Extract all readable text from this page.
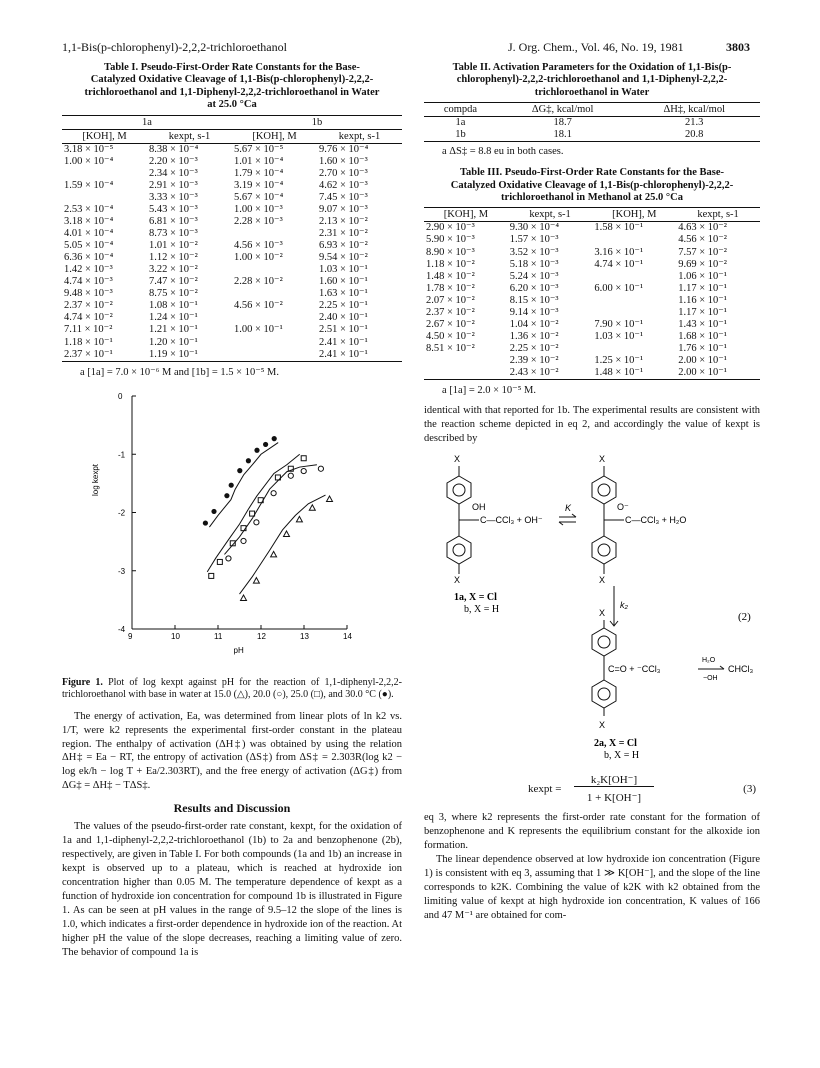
1,1-Bis(p-chlorophenyl)-2,2,2-trichloroethanol	J. Org. Chem., Vol. 46, No. 19, 1981	3803
Table I. Pseudo-First-Order Rate Constants for the Base-Catalyzed Oxidative Cleavage of 1,1-Bis(p-chlorophenyl)-2,2,2-trichloroethanol and 1,1-Diphenyl-2,2,2-trichloroethanol in Water at 25.0 °Ca
1a		1b	
[KOH], M	kexpt, s-1	[KOH], M	kexpt, s-1
3.18 × 10⁻⁵	8.38 × 10⁻⁴	5.67 × 10⁻⁵	9.76 × 10⁻⁴
1.00 × 10⁻⁴	2.20 × 10⁻³	1.01 × 10⁻⁴	1.60 × 10⁻³
	2.34 × 10⁻³	1.79 × 10⁻⁴	2.70 × 10⁻³
1.59 × 10⁻⁴	2.91 × 10⁻³	3.19 × 10⁻⁴	4.62 × 10⁻³
	3.33 × 10⁻³	5.67 × 10⁻⁴	7.45 × 10⁻³
2.53 × 10⁻⁴	5.43 × 10⁻³	1.00 × 10⁻³	9.07 × 10⁻³
3.18 × 10⁻⁴	6.81 × 10⁻³	2.28 × 10⁻³	2.13 × 10⁻²
4.01 × 10⁻⁴	8.73 × 10⁻³		2.31 × 10⁻²
5.05 × 10⁻⁴	1.01 × 10⁻²	4.56 × 10⁻³	6.93 × 10⁻²
6.36 × 10⁻⁴	1.12 × 10⁻²	1.00 × 10⁻²	9.54 × 10⁻²
1.42 × 10⁻³	3.22 × 10⁻²		1.03 × 10⁻¹
4.74 × 10⁻³	7.47 × 10⁻²	2.28 × 10⁻²	1.60 × 10⁻¹
9.48 × 10⁻³	8.75 × 10⁻²		1.63 × 10⁻¹
2.37 × 10⁻²	1.08 × 10⁻¹	4.56 × 10⁻²	2.25 × 10⁻¹
4.74 × 10⁻²	1.24 × 10⁻¹		2.40 × 10⁻¹
7.11 × 10⁻²	1.21 × 10⁻¹	1.00 × 10⁻¹	2.51 × 10⁻¹
1.18 × 10⁻¹	1.20 × 10⁻¹		2.41 × 10⁻¹
2.37 × 10⁻¹	1.19 × 10⁻¹		2.41 × 10⁻¹
a [1a] = 7.0 × 10⁻⁶ M and [1b] = 1.5 × 10⁻⁵ M.
0
-1
-2
-3
-4
9	10	11	12	13	14
pH
log kexpt
Figure 1. Plot of log kexpt against pH for the reaction of 1,1-diphenyl-2,2,2-trichloroethanol with base in water at 15.0 (△), 20.0 (○), 25.0 (□), and 30.0 °C (●).
The energy of activation, Ea, was determined from linear plots of ln k2 vs. 1/T, were k2 represents the experimental first-order constant in the plateau region. The enthalpy of activation (ΔH‡) was obtained by using the relation ΔH‡ = Ea − RT, the entropy of activation (ΔS‡) from ΔS‡ = 2.303R(log k2 − log ek/h − log T + Ea/2.303RT), and the free energy of activation (ΔG‡) from ΔG‡ = ΔH‡ − TΔS‡.
Results and Discussion
The values of the pseudo-first-order rate constant, kexpt, for the oxidation of 1a and 1,1-diphenyl-2,2,2-trichloroethanol (1b) to 2a and benzophenone (2b), respectively, are given in Table I. For both compounds (1a and 1b) an increase in kexpt is observed up to a plateau, which is reached at hydroxide ion concentration higher than 0.05 M. The temperature dependence of kexpt as a function of hydroxide ion concentration for compound 1b is illustrated in Figure 1. As can be seen at pH values in the range of 9.5–12 the slope of the lines is 1.0, which indicates a first-order dependence in hydroxide ion of the reaction. At higher pH the value of the slope decreases, reaching a limiting value of zero. The behavior of compound 1a is
Table II. Activation Parameters for the Oxidation of 1,1-Bis(p-chlorophenyl)-2,2,2-trichloroethanol and 1,1-Diphenyl-2,2,2-trichloroethanol in Water
compda	ΔG‡, kcal/mol	ΔH‡, kcal/mol
1a	18.7	21.3
1b	18.1	20.8
a ΔS‡ = 8.8 eu in both cases.
Table III. Pseudo-First-Order Rate Constants for the Base-Catalyzed Oxidative Cleavage of 1,1-Bis(p-chlorophenyl)-2,2,2-trichloroethanol in Methanol at 25.0 °Ca
[KOH], M	kexpt, s-1	[KOH], M	kexpt, s-1
2.90 × 10⁻³	9.30 × 10⁻⁴	1.58 × 10⁻¹	4.63 × 10⁻²
5.90 × 10⁻³	1.57 × 10⁻³		4.56 × 10⁻²
8.90 × 10⁻³	3.52 × 10⁻³	3.16 × 10⁻¹	7.57 × 10⁻²
1.18 × 10⁻²	5.18 × 10⁻³	4.74 × 10⁻¹	9.69 × 10⁻²
1.48 × 10⁻²	5.24 × 10⁻³		1.06 × 10⁻¹
1.78 × 10⁻²	6.20 × 10⁻³	6.00 × 10⁻¹	1.17 × 10⁻¹
2.07 × 10⁻²	8.15 × 10⁻³		1.16 × 10⁻¹
2.37 × 10⁻²	9.14 × 10⁻³		1.17 × 10⁻¹
2.67 × 10⁻²	1.04 × 10⁻²	7.90 × 10⁻¹	1.43 × 10⁻¹
4.50 × 10⁻²	1.36 × 10⁻²	1.03 × 10⁻¹	1.68 × 10⁻¹
8.51 × 10⁻²	2.25 × 10⁻²		1.76 × 10⁻¹
	2.39 × 10⁻²	1.25 × 10⁻¹	2.00 × 10⁻¹
	2.43 × 10⁻²	1.48 × 10⁻¹	2.00 × 10⁻¹
a [1a] = 2.0 × 10⁻⁵ M.
identical with that reported for 1b. The experimental results are consistent with the reaction scheme depicted in eq 2, and accordingly the value of kexpt is described by
X
X
OH
C—CCl₃ + OH⁻
K
X
X
O⁻
C—CCl₃ + H₂O
1a, X = Cl
b, X = H	k₂
X
C=O + ⁻CCl₃
H₂O
−OH
CHCl₃
(2)
X
2a, X = Cl
b, X = H
kexpt =
k₂K[OH⁻]
1 + K[OH⁻]
(3)
eq 3, where k2 represents the first-order rate constant for the formation of benzophenone and K represents the equilibrium constant for the alkoxide ion formation.
The linear dependence observed at low hydroxide ion concentration (Figure 1) is consistent with eq 3, assuming that 1 ≫ K[OH⁻], and the slope of the line corresponds to k2K. Combining the value of k2K with k2 obtained from the limiting value of kexpt at high hydroxide ion concentration, K values of 166 and 47 M⁻¹ are obtained for com-
